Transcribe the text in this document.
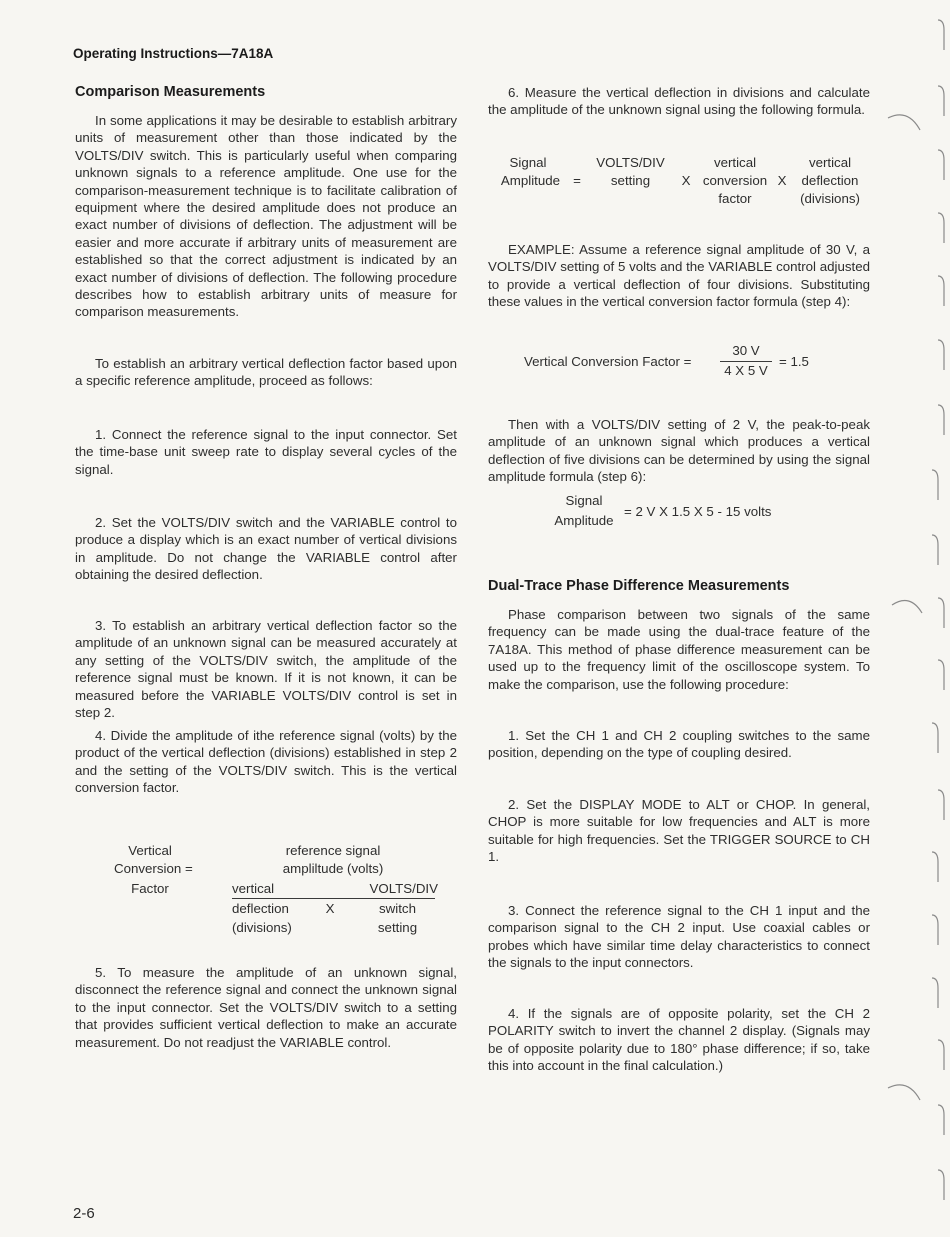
Operating Instructions—7A18A
Comparison Measurements

In some applications it may be desirable to establish arbitrary units of measurement other than those indicated by the VOLTS/DIV switch. This is particularly useful when comparing unknown signals to a reference amplitude. One use for the comparison-measurement technique is to facilitate calibration of equipment where the desired amplitude does not produce an exact number of divisions of deflection. The adjustment will be easier and more accurate if arbitrary units of measurement are established so that the correct adjustment is indicated by an exact number of divisions of deflection. The following procedure describes how to establish arbitrary units of measure for comparison measurements.

To establish an arbitrary vertical deflection factor based upon a specific reference amplitude, proceed as follows:

1. Connect the reference signal to the input connector. Set the time-base unit sweep rate to display several cycles of the signal.

2. Set the VOLTS/DIV switch and the VARIABLE control to produce a display which is an exact number of vertical divisions in amplitude. Do not change the VARIABLE control after obtaining the desired deflection.

3. To establish an arbitrary vertical deflection factor so the amplitude of an unknown signal can be measured accurately at any setting of the VOLTS/DIV switch, the amplitude of the reference signal must be known. If it is not known, it can be measured before the VARIABLE VOLTS/DIV control is set in step 2.

4. Divide the amplitude of ithe reference signal (volts) by the product of the vertical deflection (divisions) established in step 2 and the setting of the VOLTS/DIV switch. This is the vertical conversion factor.

Vertical
Conversion =
Factor
reference signal
ampliltude (volts)
vertical	VOLTS/DIV
deflection	X	switch
(divisions)	setting

5. To measure the amplitude of an unknown signal, disconnect the reference signal and connect the unknown signal to the input connector. Set the VOLTS/DIV switch to a setting that provides sufficient vertical deflection to make an accurate measurement. Do not readjust the VARIABLE control.

6. Measure the vertical deflection in divisions and calculate the amplitude of the unknown signal using the following formula.

Signal
Amplitude =
VOLTS/DIV
setting	X
vertical
conversion
factor
X
vertical
deflection
(divisions)

EXAMPLE: Assume a reference signal amplitude of 30 V, a VOLTS/DIV setting of 5 volts and the VARIABLE control adjusted to provide a vertical deflection of four divisions. Substituting these values in the vertical conversion factor formula (step 4):

Vertical Conversion Factor =
30 V
4 X 5 V
= 1.5

Then with a VOLTS/DIV setting of 2 V, the peak-to-peak amplitude of an unknown signal which produces a vertical deflection of five divisions can be determined by using the signal amplitude formula (step 6):

Signal
Amplitude
= 2 V X 1.5 X 5 - 15 volts
Dual-Trace Phase Difference Measurements

Phase comparison between two signals of the same frequency can be made using the dual-trace feature of the 7A18A. This method of phase difference measurement can be used up to the frequency limit of the oscilloscope system. To make the comparison, use the following procedure:

1. Set the CH 1 and CH 2 coupling switches to the same position, depending on the type of coupling desired.

2. Set the DISPLAY MODE to ALT or CHOP. In general, CHOP is more suitable for low frequencies and ALT is more suitable for high frequencies. Set the TRIGGER SOURCE to CH 1.

3. Connect the reference signal to the CH 1 input and the comparison signal to the CH 2 input. Use coaxial cables or probes which have similar time delay characteristics to connect the signals to the input connectors.

4. If the signals are of opposite polarity, set the CH 2 POLARITY switch to invert the channel 2 display. (Signals may be of opposite polarity due to 180° phase difference; if so, take this into account in the final calculation.)

2-6
